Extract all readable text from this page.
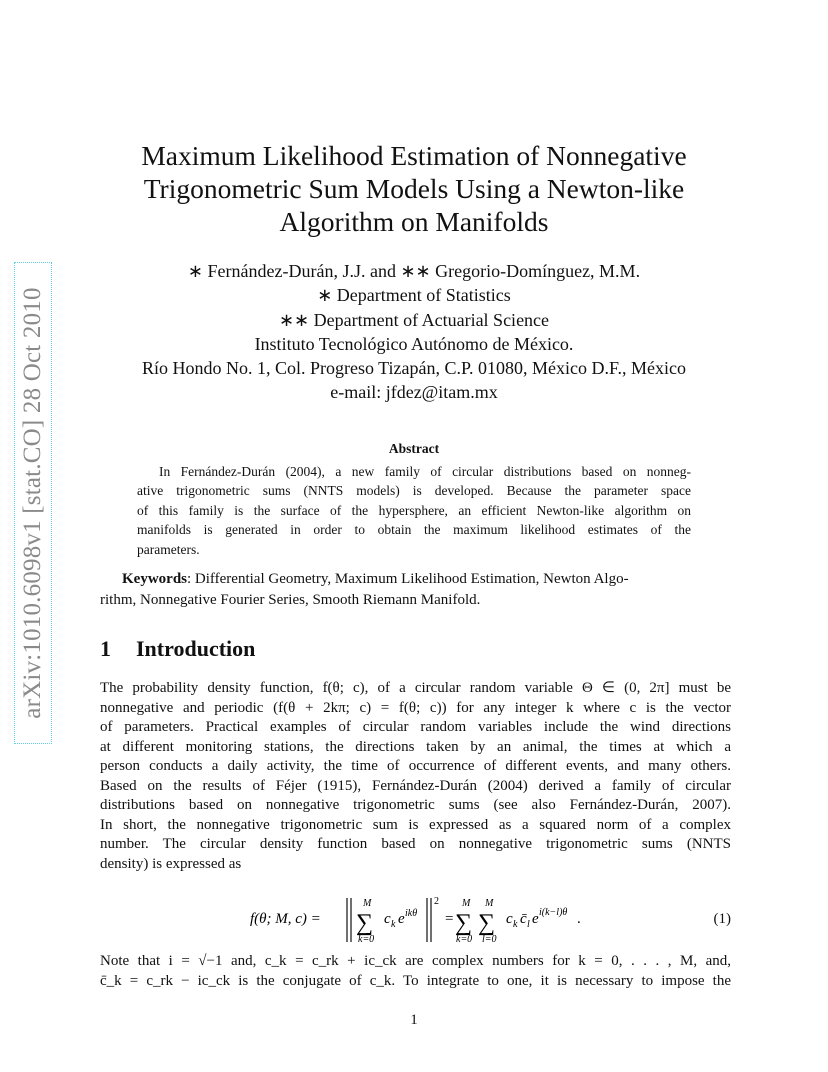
arXiv:1010.6098v1 [stat.CO] 28 Oct 2010
Maximum Likelihood Estimation of Nonnegative
Trigonometric Sum Models Using a Newton-like
Algorithm on Manifolds
∗ Fernández-Durán, J.J. and ∗∗ Gregorio-Domínguez, M.M.
∗ Department of Statistics
∗∗ Department of Actuarial Science
Instituto Tecnológico Autónomo de México.
Río Hondo No. 1, Col. Progreso Tizapán, C.P. 01080, México D.F., México
e-mail: jfdez@itam.mx
Abstract
In Fernández-Durán (2004), a new family of circular distributions based on nonneg-
ative trigonometric sums (NNTS models) is developed. Because the parameter space
of this family is the surface of the hypersphere, an efficient Newton-like algorithm on
manifolds is generated in order to obtain the maximum likelihood estimates of the
parameters.
Keywords: Differential Geometry, Maximum Likelihood Estimation, Newton Algo-
rithm, Nonnegative Fourier Series, Smooth Riemann Manifold.
1 Introduction
The probability density function, f(θ; c), of a circular random variable Θ ∈ (0, 2π] must be
nonnegative and periodic (f(θ + 2kπ; c) = f(θ; c)) for any integer k where c is the vector
of parameters. Practical examples of circular random variables include the wind directions
at different monitoring stations, the directions taken by an animal, the times at which a
person conducts a daily activity, the time of occurrence of different events, and many others.
Based on the results of Féjer (1915), Fernández-Durán (2004) derived a family of circular
distributions based on nonnegative trigonometric sums (see also Fernández-Durán, 2007).
In short, the nonnegative trigonometric sum is expressed as a squared norm of a complex
number. The circular density function based on nonnegative trigonometric sums (NNTS
density) is expressed as
f(θ; M, c) =
M
∑
k=0
c k e ikθ
2
=
M
∑
k=0
M
∑
l=0
c k c̄ l e i(k−l)θ .	(1)
Note that i = √−1 and, c_k = c_rk + ic_ck are complex numbers for k = 0, . . . , M, and,
c̄_k = c_rk − ic_ck is the conjugate of c_k. To integrate to one, it is necessary to impose the
1
